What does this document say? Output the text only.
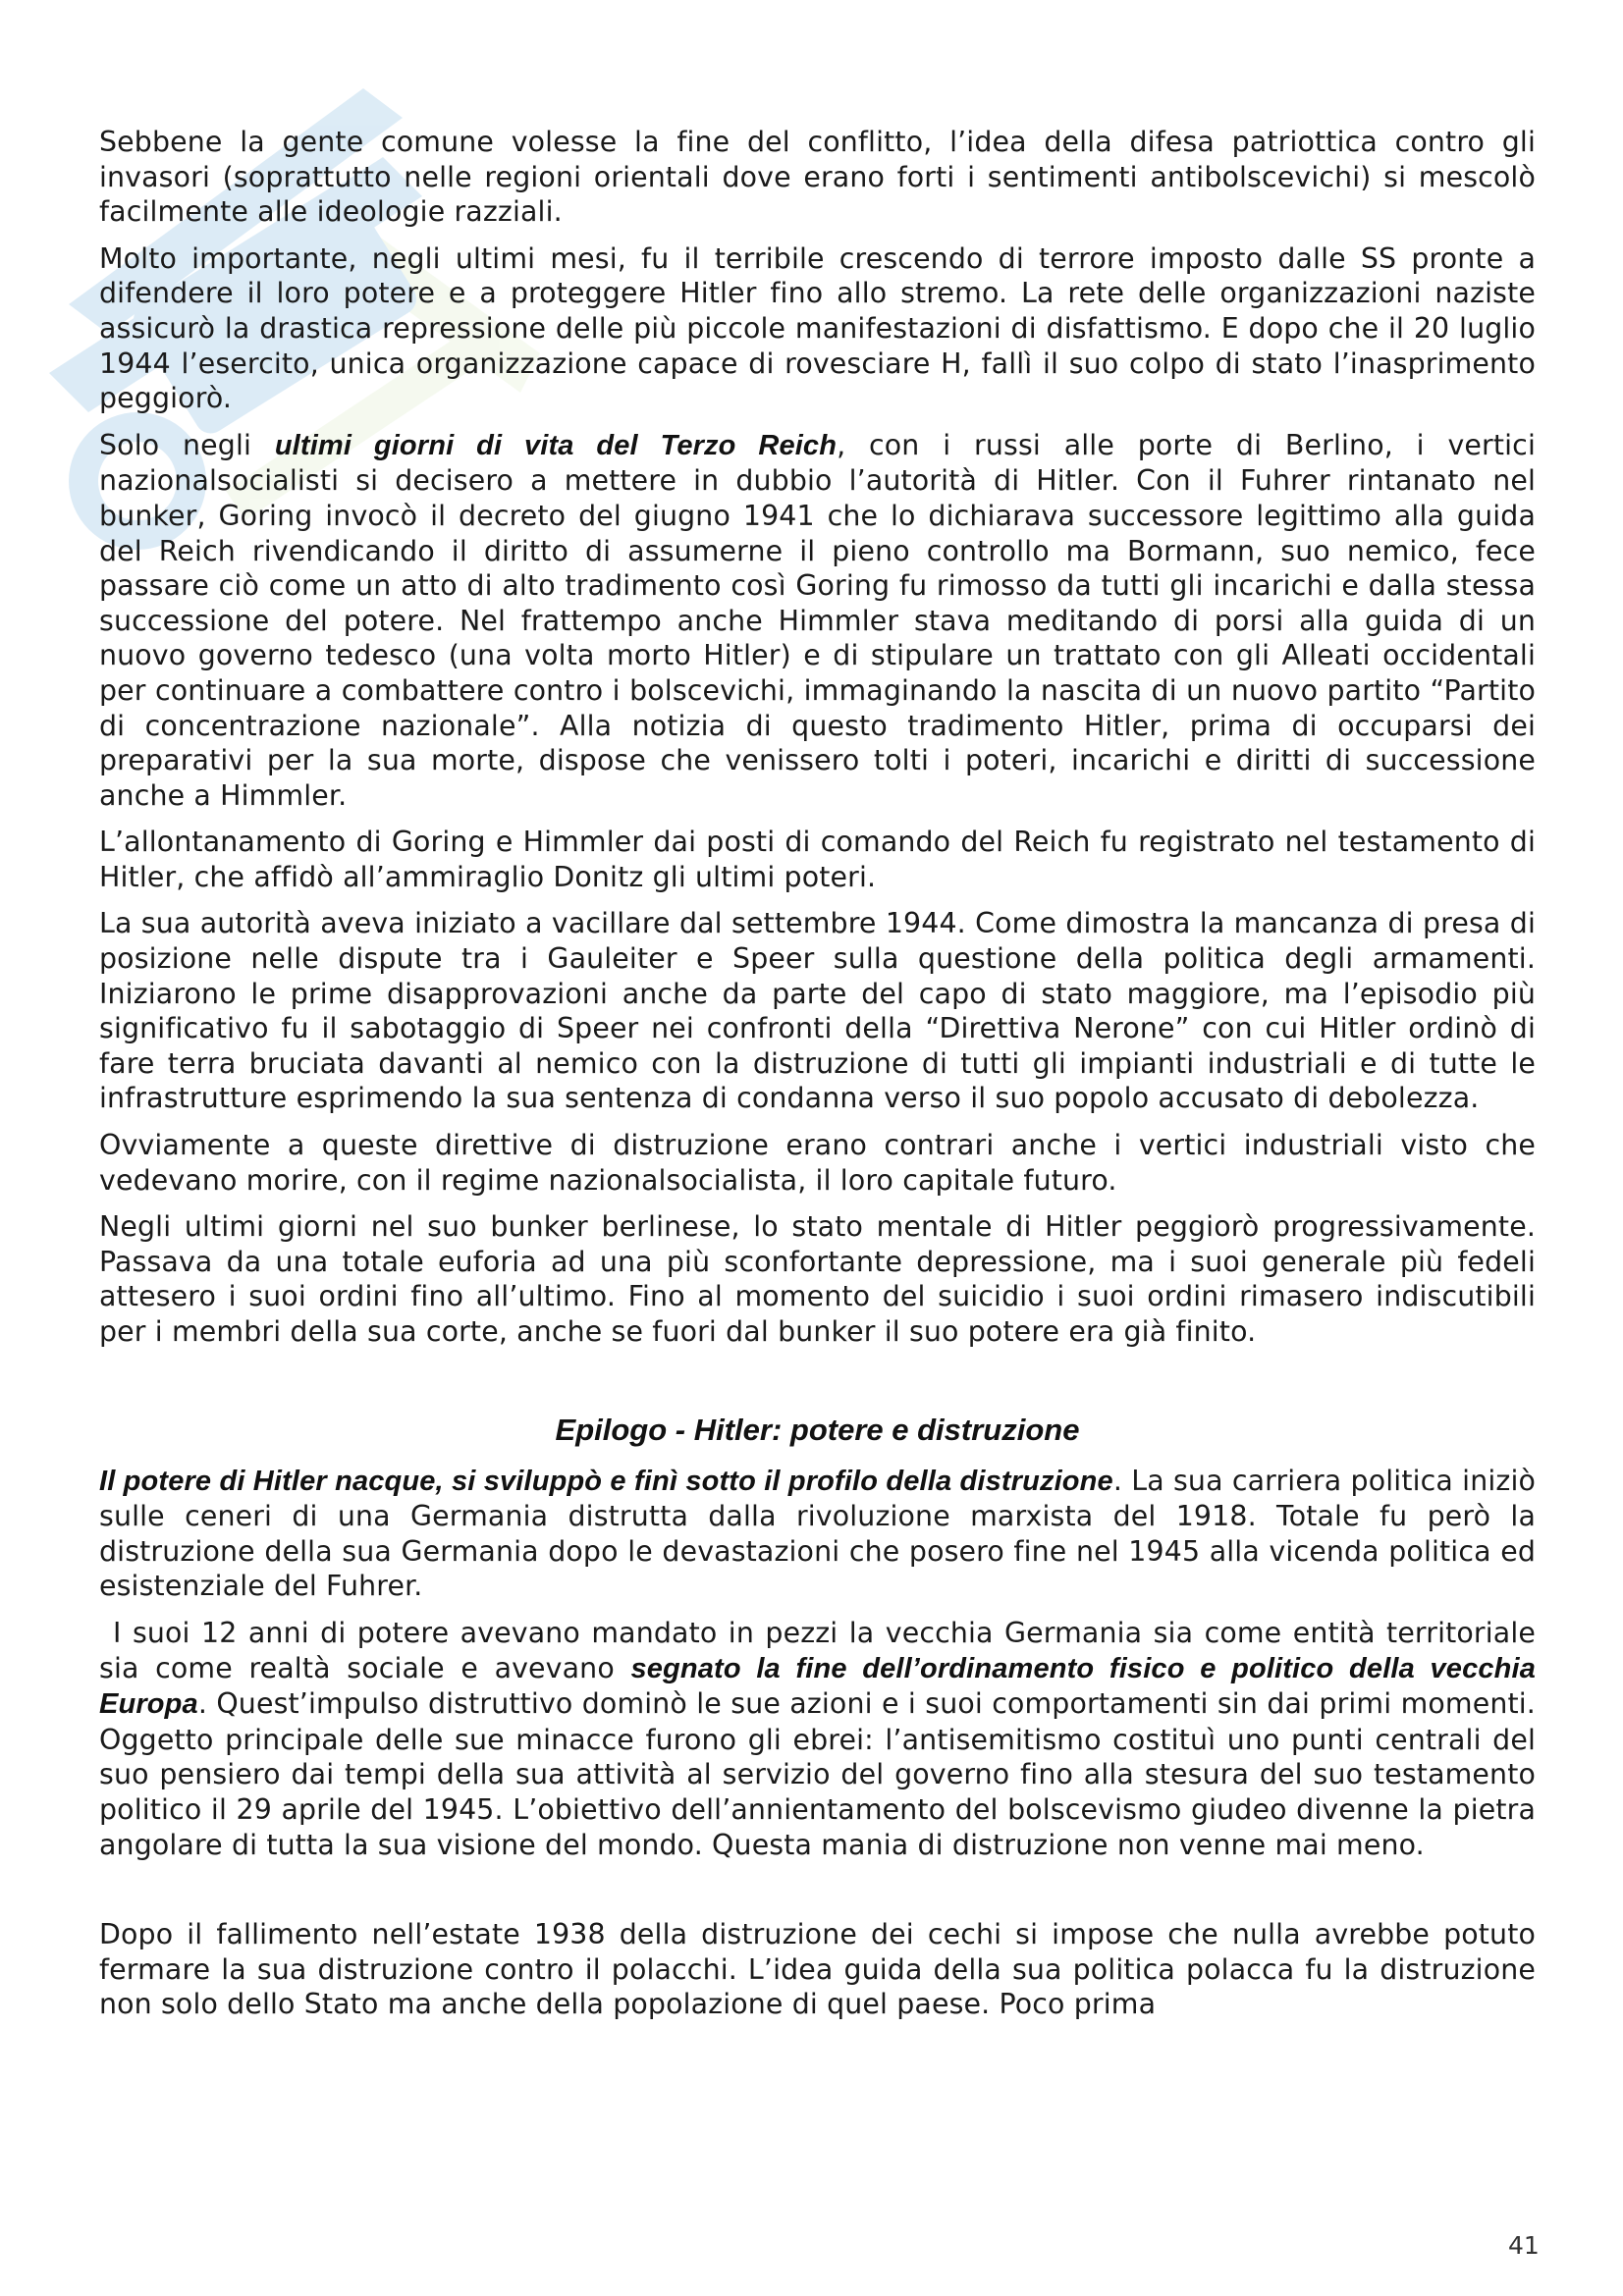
Sebbene la gente comune volesse la fine del conflitto, l’idea della difesa patriottica contro gli invasori (soprattutto nelle regioni orientali dove erano forti i sentimenti antibolscevichi) si mescolò facilmente alle ideologie razziali.

Molto importante, negli ultimi mesi, fu il terribile crescendo di terrore imposto dalle SS pronte a difendere il loro potere e a proteggere Hitler fino allo stremo. La rete delle organizzazioni naziste assicurò la drastica repressione delle più piccole manifestazioni di disfattismo. E dopo che il 20 luglio 1944 l’esercito, unica organizzazione capace di rovesciare H, fallì il suo colpo di stato l’inasprimento peggiorò.

Solo negli ultimi giorni di vita del Terzo Reich, con i russi alle porte di Berlino, i vertici nazionalsocialisti si decisero a mettere in dubbio l’autorità di Hitler. Con il Fuhrer rintanato nel bunker, Goring invocò il decreto del giugno 1941 che lo dichiarava successore legittimo alla guida del Reich rivendicando il diritto di assumerne il pieno controllo ma Bormann, suo nemico, fece passare ciò come un atto di alto tradimento così Goring fu rimosso da tutti gli incarichi e dalla stessa successione del potere. Nel frattempo anche Himmler stava meditando di porsi alla guida di un nuovo governo tedesco (una volta morto Hitler) e di stipulare un trattato con gli Alleati occidentali per continuare a combattere contro i bolscevichi, immaginando la nascita di un nuovo partito “Partito di concentrazione nazionale”. Alla notizia di questo tradimento Hitler, prima di occuparsi dei preparativi per la sua morte, dispose che venissero tolti i poteri, incarichi e diritti di successione anche a Himmler.

L’allontanamento di Goring e Himmler dai posti di comando del Reich fu registrato nel testamento di Hitler, che affidò all’ammiraglio Donitz gli ultimi poteri.

La sua autorità aveva iniziato a vacillare dal settembre 1944. Come dimostra la mancanza di presa di posizione nelle dispute tra i Gauleiter e Speer sulla questione della politica degli armamenti. Iniziarono le prime disapprovazioni anche da parte del capo di stato maggiore, ma l’episodio più significativo fu il sabotaggio di Speer nei confronti della “Direttiva Nerone” con cui Hitler ordinò di fare terra bruciata davanti al nemico con la distruzione di tutti gli impianti industriali e di tutte le infrastrutture esprimendo la sua sentenza di condanna verso il suo popolo accusato di debolezza.

Ovviamente a queste direttive di distruzione erano contrari anche i vertici industriali visto che vedevano morire, con il regime nazionalsocialista, il loro capitale futuro.

Negli ultimi giorni nel suo bunker berlinese, lo stato mentale di Hitler peggiorò progressivamente. Passava da una totale euforia ad una più sconfortante depressione, ma i suoi generale più fedeli attesero i suoi ordini fino all’ultimo. Fino al momento del suicidio i suoi ordini rimasero indiscutibili per i membri della sua corte, anche se fuori dal bunker il suo potere era già finito.

Epilogo - Hitler: potere e distruzione

Il potere di Hitler nacque, si sviluppò e finì sotto il profilo della distruzione. La sua carriera politica iniziò sulle ceneri di una Germania distrutta dalla rivoluzione marxista del 1918. Totale fu però la distruzione della sua Germania dopo le devastazioni che posero fine nel 1945 alla vicenda politica ed esistenziale del Fuhrer.

I suoi 12 anni di potere avevano mandato in pezzi la vecchia Germania sia come entità territoriale sia come realtà sociale e avevano segnato la fine dell’ordinamento fisico e politico della vecchia Europa. Quest’impulso distruttivo dominò le sue azioni e i suoi comportamenti sin dai primi momenti. Oggetto principale delle sue minacce furono gli ebrei: l’antisemitismo costituì uno punti centrali del suo pensiero dai tempi della sua attività al servizio del governo fino alla stesura del suo testamento politico il 29 aprile del 1945. L’obiettivo dell’annientamento del bolscevismo giudeo divenne la pietra angolare di tutta la sua visione del mondo. Questa mania di distruzione non venne mai meno.

Dopo il fallimento nell’estate 1938 della distruzione dei cechi si impose che nulla avrebbe potuto fermare la sua distruzione contro il polacchi. L’idea guida della sua politica polacca fu la distruzione non solo dello Stato ma anche della popolazione di quel paese. Poco prima

41
